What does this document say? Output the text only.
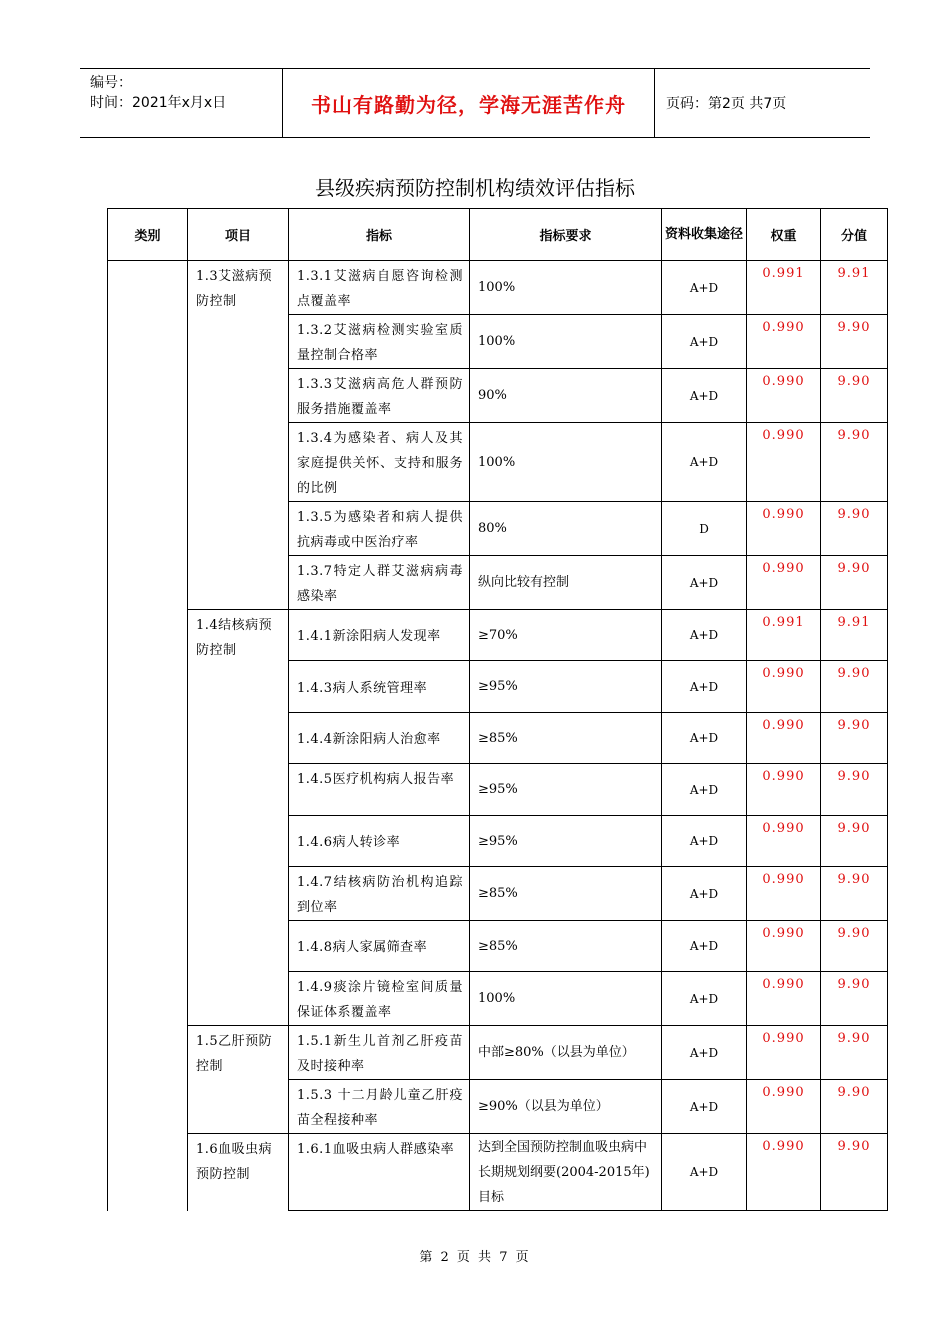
编号：
时间：2021年x月x日	书山有路勤为径，学海无涯苦作舟	页码：第2页 共7页
县级疾病预防控制机构绩效评估指标
类别	项目	指标	指标要求	资料收集途径	权重	分值
	1.3艾滋病预防控制	1.3.1艾滋病自愿咨询检测点覆盖率	100%	A+D	0.991	9.91
		1.3.2艾滋病检测实验室质量控制合格率	100%	A+D	0.990	9.90
		1.3.3艾滋病高危人群预防服务措施覆盖率	90%	A+D	0.990	9.90
		1.3.4为感染者、病人及其家庭提供关怀、支持和服务的比例	100%	A+D	0.990	9.90
		1.3.5为感染者和病人提供抗病毒或中医治疗率	80%	D	0.990	9.90
		1.3.7特定人群艾滋病病毒感染率	纵向比较有控制	A+D	0.990	9.90
	1.4结核病预防控制	1.4.1新涂阳病人发现率	≥70%	A+D	0.991	9.91
		1.4.3病人系统管理率	≥95%	A+D	0.990	9.90
		1.4.4新涂阳病人治愈率	≥85%	A+D	0.990	9.90
		1.4.5医疗机构病人报告率	≥95%	A+D	0.990	9.90
		1.4.6病人转诊率	≥95%	A+D	0.990	9.90
		1.4.7结核病防治机构追踪到位率	≥85%	A+D	0.990	9.90
		1.4.8病人家属筛查率	≥85%	A+D	0.990	9.90
		1.4.9痰涂片镜检室间质量保证体系覆盖率	100%	A+D	0.990	9.90
	1.5乙肝预防控制	1.5.1新生儿首剂乙肝疫苗及时接种率	中部≥80%（以县为单位）	A+D	0.990	9.90
		1.5.3 十二月龄儿童乙肝疫苗全程接种率	≥90%（以县为单位）	A+D	0.990	9.90
	1.6血吸虫病预防控制	1.6.1血吸虫病人群感染率	达到全国预防控制血吸虫病中长期规划纲要(2004-2015年)目标	A+D	0.990	9.90
第 2 页 共 7 页
